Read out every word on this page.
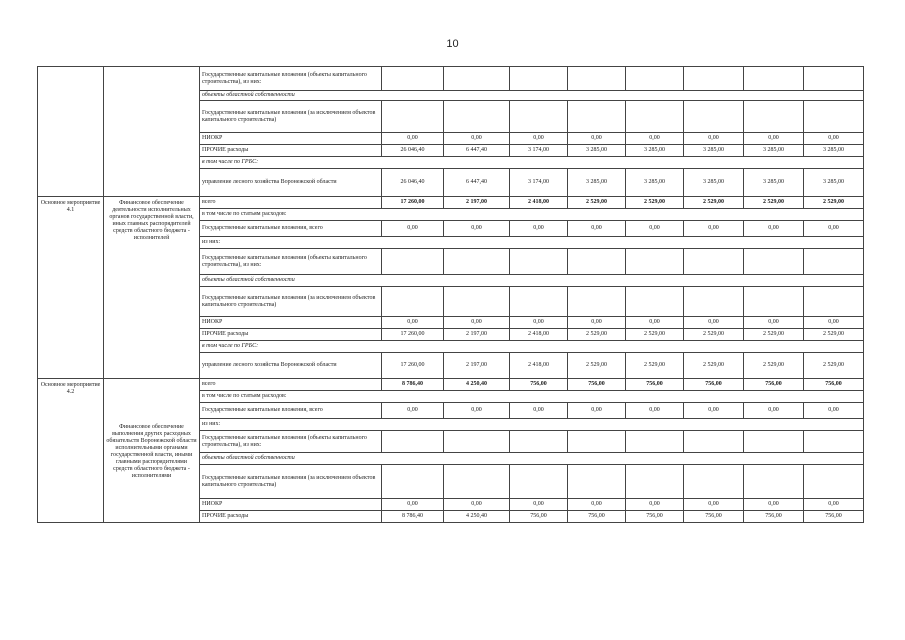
10
		Государственные капитальные вложения (объекты капитального строительства), из них:								
		объекты областной собственности								
		Государственные капитальные вложения (за исключением объектов капитального строительства)								
		НИОКР	0,00	0,00	0,00	0,00	0,00	0,00	0,00	0,00
		ПРОЧИЕ расходы	26 046,40	6 447,40	3 174,00	3 285,00	3 285,00	3 285,00	3 285,00	3 285,00
		в том числе по ГРБС:								
		управление лесного хозяйства Воронежской области	26 046,40	6 447,40	3 174,00	3 285,00	3 285,00	3 285,00	3 285,00	3 285,00
Основное мероприятие 4.1	Финансовое обеспечение деятельности исполнительных органов государственной власти, иных главных распорядителей средств областного бюджета - исполнителей	всего	17 260,00	2 197,00	2 418,00	2 529,00	2 529,00	2 529,00	2 529,00	2 529,00
		в том числе по статьям расходов:								
		Государственные капитальные вложения, всего	0,00	0,00	0,00	0,00	0,00	0,00	0,00	0,00
		из них:								
		Государственные капитальные вложения (объекты капитального строительства), из них:								
		объекты областной собственности								
		Государственные капитальные вложения (за исключением объектов капитального строительства)								
		НИОКР	0,00	0,00	0,00	0,00	0,00	0,00	0,00	0,00
		ПРОЧИЕ расходы	17 260,00	2 197,00	2 418,00	2 529,00	2 529,00	2 529,00	2 529,00	2 529,00
		в том числе по ГРБС:								
		управление лесного хозяйства Воронежской области	17 260,00	2 197,00	2 418,00	2 529,00	2 529,00	2 529,00	2 529,00	2 529,00
Основное мероприятие 4.2	Финансовое обеспечение выполнения других расходных обязательств Воронежской области исполнительными органами государственной власти, иными главными распорядителями средств областного бюджета - исполнителями	всего	8 786,40	4 250,40	756,00	756,00	756,00	756,00	756,00	756,00
		в том числе по статьям расходов:								
		Государственные капитальные вложения, всего	0,00	0,00	0,00	0,00	0,00	0,00	0,00	0,00
		из них:								
		Государственные капитальные вложения (объекты капитального строительства), из них:								
		объекты областной собственности								
		Государственные капитальные вложения (за исключением объектов капитального строительства)								
		НИОКР	0,00	0,00	0,00	0,00	0,00	0,00	0,00	0,00
		ПРОЧИЕ расходы	8 786,40	4 250,40	756,00	756,00	756,00	756,00	756,00	756,00
